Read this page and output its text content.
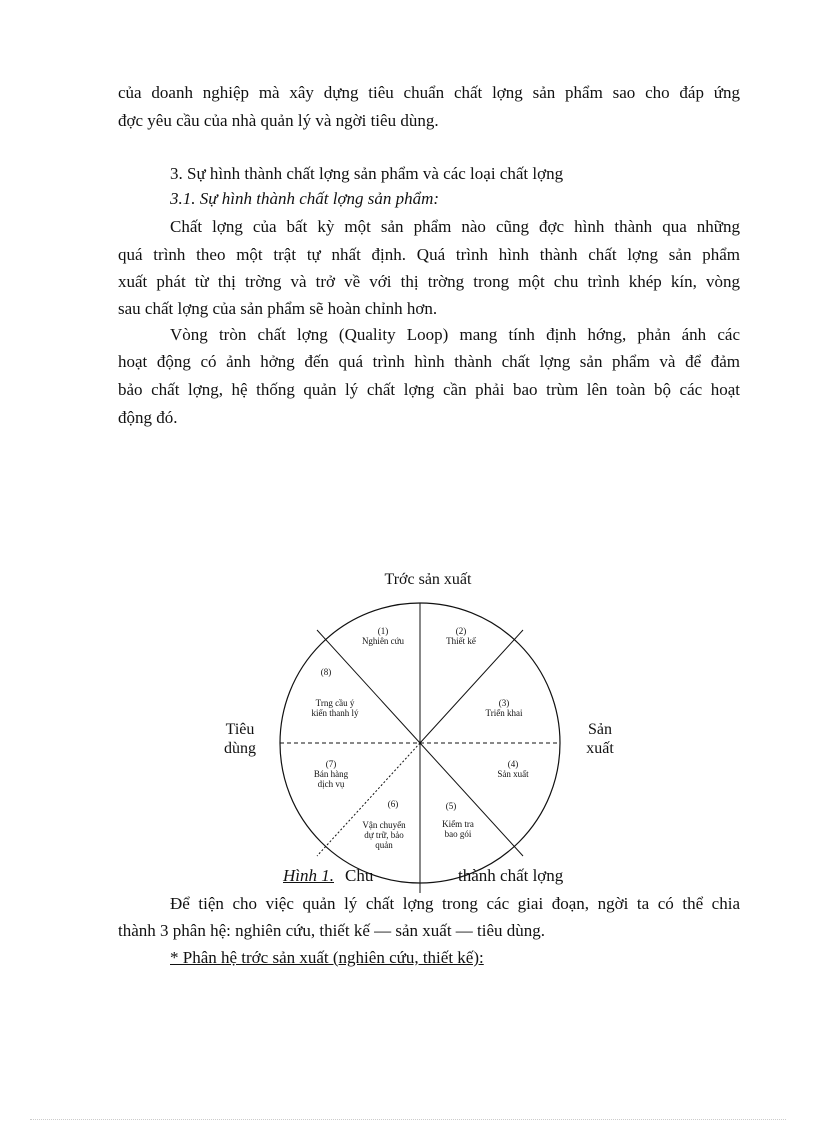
của doanh nghiệp mà xây dựng tiêu chuẩn chất lợng sản phẩm sao cho đáp ứng
đợc yêu cầu của nhà quản lý và ngời tiêu dùng.
3. Sự hình thành chất lợng sản phẩm và các loại chất lợng
3.1. Sự hình thành chất lợng sản phẩm:
Chất lợng của bất kỳ một sản phẩm nào cũng đợc hình thành qua những
quá trình theo một trật tự nhất định. Quá trình hình thành chất lợng sản phẩm
xuất phát từ thị trờng và trở về với thị trờng trong một chu trình khép kín, vòng
sau chất lợng của sản phẩm sẽ hoàn chỉnh hơn.
Vòng tròn chất lợng (Quality Loop) mang tính định hớng, phản ánh các
hoạt động có ảnh hởng đến quá trình hình thành chất lợng sản phẩm và để đảm
bảo chất lợng, hệ thống quản lý chất lợng cần phải bao trùm lên toàn bộ các hoạt
động đó.
Trớc sản xuất
Tiêu
dùng
Sản
xuất
(1)
Nghiên cứu
(2)
Thiết kế
(3)
Triển khai
(4)
Sản xuất
(5)
Kiểm tra
bao gói
(6)
Vận chuyển
dự trữ, bảo
quản
(7)
Bán hàng
dịch vụ
(8)
Trng cầu ý
kiến thanh lý
Hình 1. Chu	thành chất lợng
Để tiện cho việc quản lý chất lợng trong các giai đoạn, ngời ta có thể chia
thành 3 phân hệ: nghiên cứu, thiết kế — sản xuất — tiêu dùng.
* Phân hệ trớc sản xuất (nghiên cứu, thiết kế):
